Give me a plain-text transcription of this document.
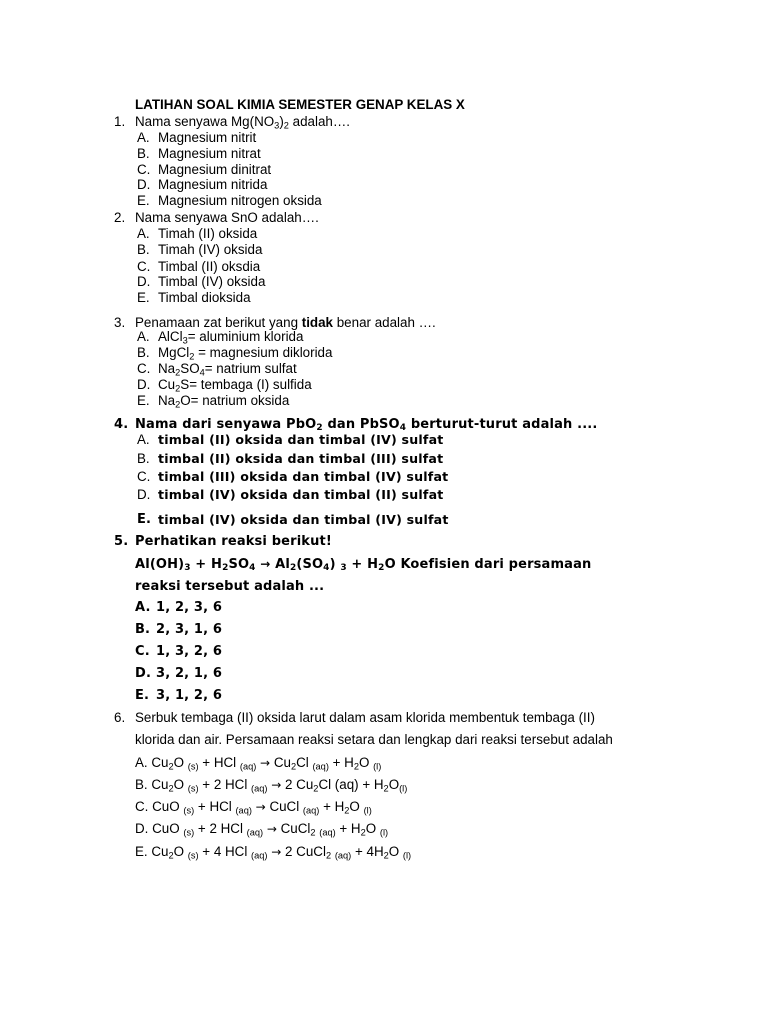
LATIHAN SOAL KIMIA SEMESTER GENAP KELAS X
1. Nama senyawa $Mg(NO_3)_2$ adalah….
A. Magnesium nitrit
B. Magnesium nitrat
C. Magnesium dinitrat
D. Magnesium nitrida
E. Magnesium nitrogen oksida
2. Nama senyawa SnO adalah….
A. Timah (II) oksida
B. Timah (IV) oksida
C. Timbal (II) oksdia
D. Timbal (IV) oksida
E. Timbal dioksida
3. Penamaan zat berikut yang tidak benar adalah ….
A. AlCl$_3$= aluminium klorida
B. MgCl$_2$ = magnesium diklorida
C. $Na_2SO_4=$ natrium sulfat
D. $Cu_2S=$ tembaga (I) sulfida
E. $Na_2O=$ natrium oksida
4. Nama dari senyawa PbO$_2$ dan PbSO$_4$ berturut-turut adalah ....
A. timbal (II) oksida dan timbal (IV) sulfat
B. timbal (II) oksida dan timbal (III) sulfat
C. timbal (III) oksida dan timbal (IV) sulfat
D. timbal (IV) oksida dan timbal (II) sulfat
E. timbal (IV) oksida dan timbal (IV) sulfat
5. Perhatikan reaksi berikut!
$Al(OH)_3 + H_2SO_4 \to Al_2(SO_4) _3 + H_2O$ Koefisien dari persamaan
reaksi tersebut adalah ...
A. 1, 2, 3, 6
B. 2, 3, 1, 6
C. 1, 3, 2, 6
D. 3, 2, 1, 6
E. 3, 1, 2, 6
6. Serbuk tembaga (II) oksida larut dalam asam klorida membentuk tembaga (II)
klorida dan air. Persamaan reaksi setara dan lengkap dari reaksi tersebut adalah
A. $Cu_2O$ $_{(s)}$ + HCl $_{(aq)} \to Cu_2Cl$ $_{(aq)} + H_2O$ $_{(l)}$
B. $Cu_2O$ $_{(s)}$ + 2 HCl $_{(aq)}$ → 2 $Cu_2Cl$ $(aq) + H_2O_{(l)}$
C. CuO $_{(s)}$ + HCl $_{(aq)}$ → CuCl $_{(aq)} + H_2O$ $_{(l)}$
D. CuO $_{(s)}$ + 2 HCl $_{(aq)}$ → CuCl$_2$ $_{(aq)} + H_2O$ $_{(l)}$
E. $Cu_2O$ $_{(s)}$ + 4 HCl $_{(aq)}$ → 2 CuCl$_2$ $_{(aq)} + 4H_2O$ $_{(l)}$
